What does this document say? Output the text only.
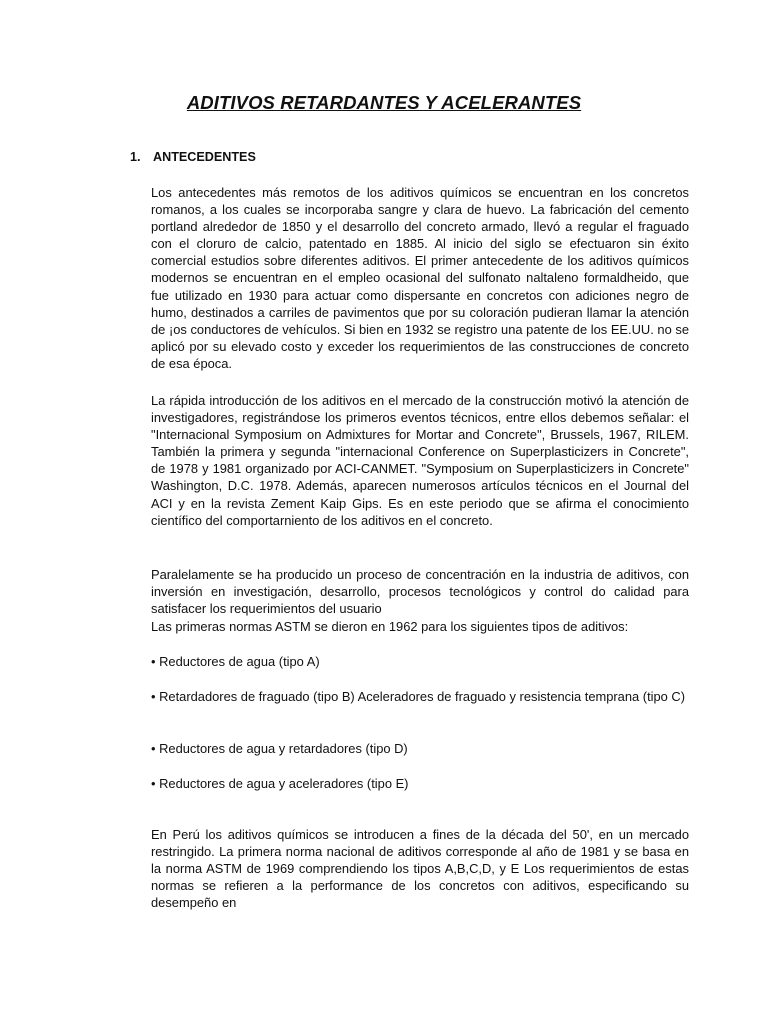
ADITIVOS RETARDANTES Y ACELERANTES
1. ANTECEDENTES

Los antecedentes más remotos de los aditivos químicos se encuentran en los concretos romanos, a los cuales se incorporaba sangre y clara de huevo. La fabricación del cemento portland alrededor de 1850 y el desarrollo del concreto armado, llevó a regular el fraguado con el cloruro de calcio, patentado en 1885. Al inicio del siglo se efectuaron sin éxito comercial estudios sobre diferentes aditivos. El primer antecedente de los aditivos químicos modernos se encuentran en el empleo ocasional del sulfonato naltaleno formaldheido, que fue utilizado en 1930 para actuar como dispersante en concretos con adiciones negro de humo, destinados a carriles de pavimentos que por su coloración pudieran llamar la atención de ¡os conductores de vehículos. Si bien en 1932 se registro una patente de los EE.UU. no se aplicó por su elevado costo y exceder los requerimientos de las construcciones de concreto de esa época.

La rápida introducción de los aditivos en el mercado de la construcción motivó la atención de investigadores, registrándose los primeros eventos técnicos, entre ellos debemos señalar: el "Internacional Symposium on Admixtures for Mortar and Concrete", Brussels, 1967, RILEM. También la primera y segunda "internacional Conference on Superplasticizers in Concrete", de 1978 y 1981 organizado por ACI-CANMET. "Symposium on Superplasticizers in Concrete" Washington, D.C. 1978. Además, aparecen numerosos artículos técnicos en el Journal del ACI y en la revista Zement Kaip Gips. Es en este periodo que se afirma el conocimiento científico del comportarniento de los aditivos en el concreto.

Paralelamente se ha producido un proceso de concentración en la industria de aditivos, con inversión en investigación, desarrollo, procesos tecnológicos y control do calidad para satisfacer los requerimientos del usuario

Las primeras normas ASTM se dieron en 1962 para los siguientes tipos de aditivos:

• Reductores de agua (tipo A)

• Retardadores de fraguado (tipo B) Aceleradores de fraguado y resistencia temprana (tipo C)

• Reductores de agua y retardadores (tipo D)

• Reductores de agua y aceleradores (tipo E)

En Perú los aditivos químicos se introducen a fines de la década del 50', en un mercado restringido. La primera norma nacional de aditivos corresponde al año de 1981 y se basa en la norma ASTM de 1969 comprendiendo los tipos A,B,C,D, y E Los requerimientos de estas normas se refieren a la performance de los concretos con aditivos, especificando su desempeño en
